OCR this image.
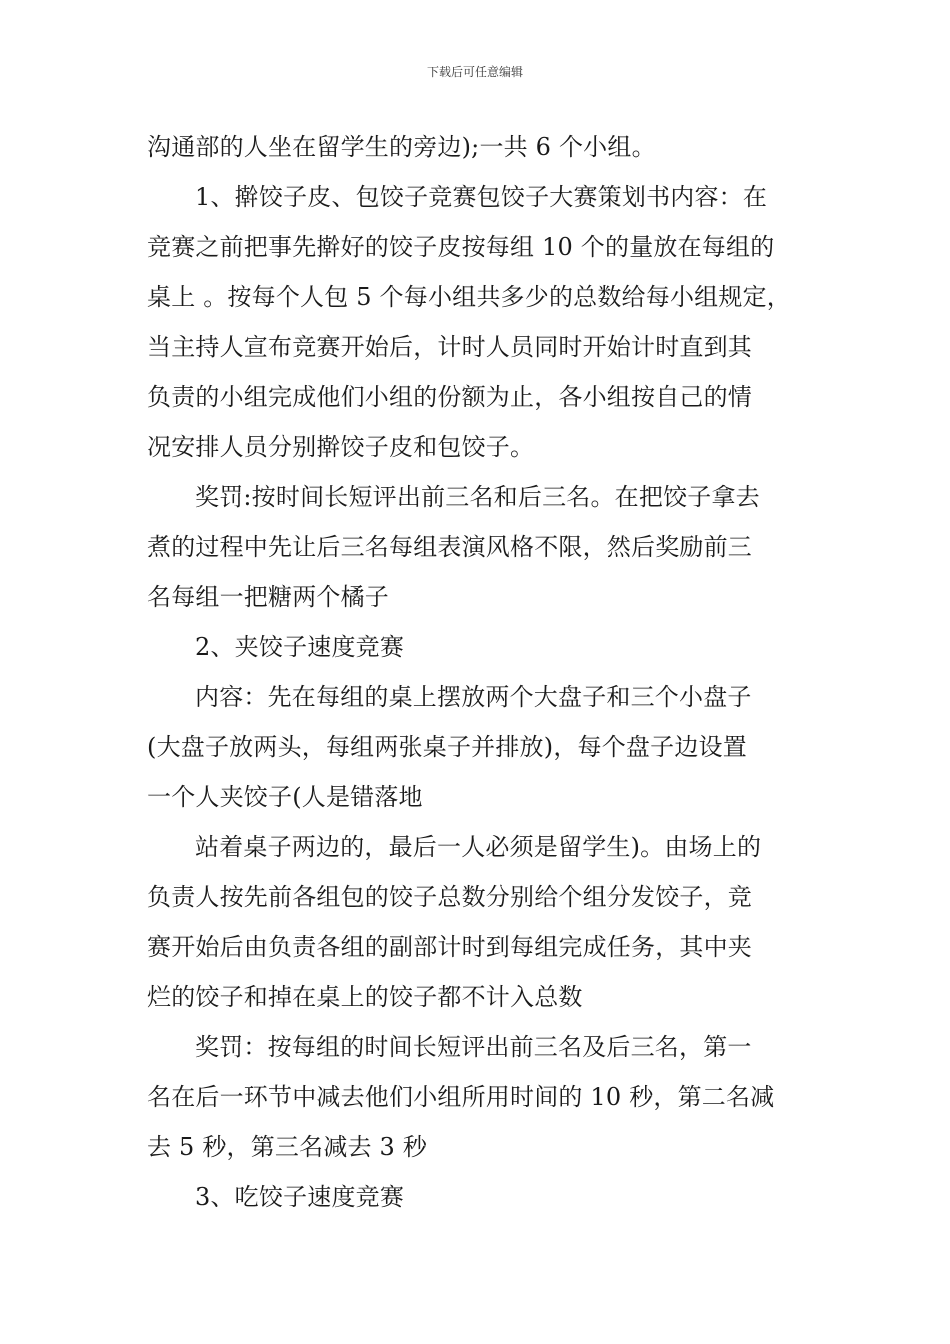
下载后可任意编辑
沟通部的人坐在留学生的旁边);一共 6 个小组。
1、擀饺子皮、包饺子竞赛包饺子大赛策划书内容：在
竞赛之前把事先擀好的饺子皮按每组 10 个的量放在每组的
桌上 。按每个人包 5 个每小组共多少的总数给每小组规定，
当主持人宣布竞赛开始后，计时人员同时开始计时直到其
负责的小组完成他们小组的份额为止，各小组按自己的情
况安排人员分别擀饺子皮和包饺子。
奖罚:按时间长短评出前三名和后三名。在把饺子拿去
煮的过程中先让后三名每组表演风格不限，然后奖励前三
名每组一把糖两个橘子
2、夹饺子速度竞赛
内容：先在每组的桌上摆放两个大盘子和三个小盘子
(大盘子放两头，每组两张桌子并排放)，每个盘子边设置
一个人夹饺子(人是错落地
站着桌子两边的，最后一人必须是留学生)。由场上的
负责人按先前各组包的饺子总数分别给个组分发饺子，竞
赛开始后由负责各组的副部计时到每组完成任务，其中夹
烂的饺子和掉在桌上的饺子都不计入总数
奖罚：按每组的时间长短评出前三名及后三名，第一
名在后一环节中减去他们小组所用时间的 10 秒，第二名减
去 5 秒，第三名减去 3 秒
3、吃饺子速度竞赛
